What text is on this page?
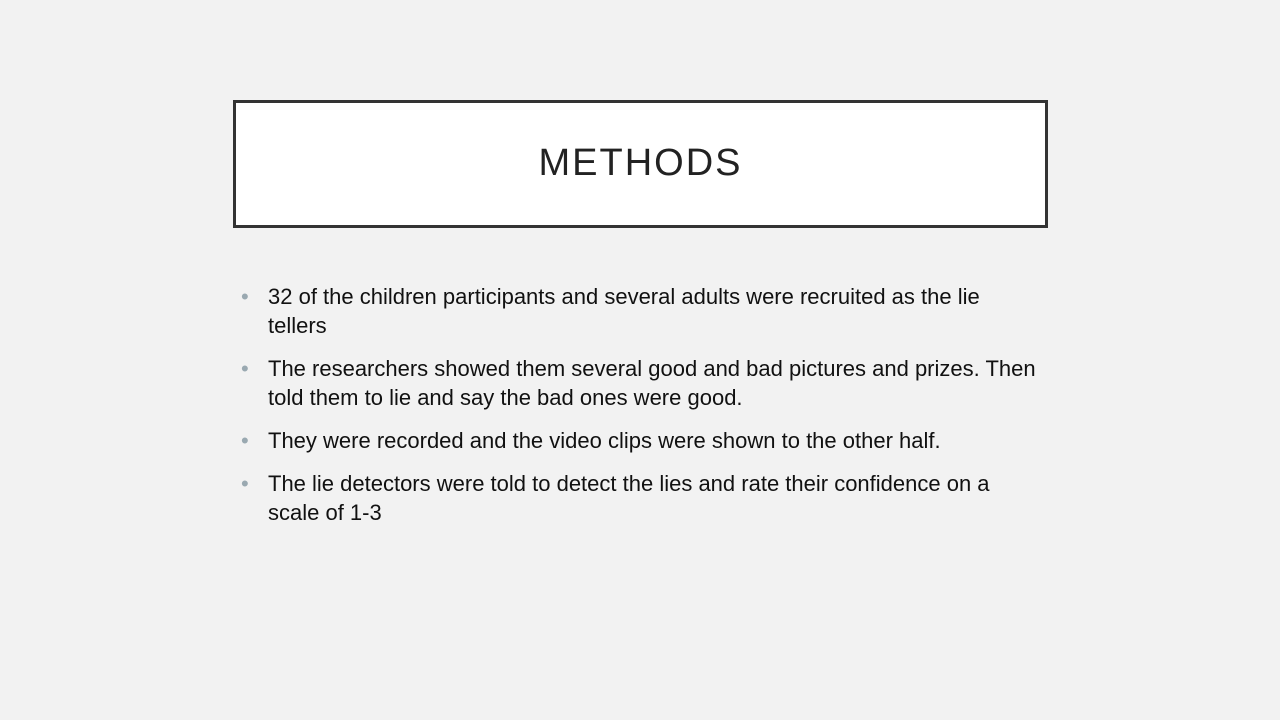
METHODS
• 32 of the children participants and several adults were recruited as the lie tellers
• The researchers showed them several good and bad pictures and prizes. Then told them to lie and say the bad ones were good.
• They were recorded and the video clips were shown to the other half.
• The lie detectors were told to detect the lies and rate their confidence on a scale of 1-3
